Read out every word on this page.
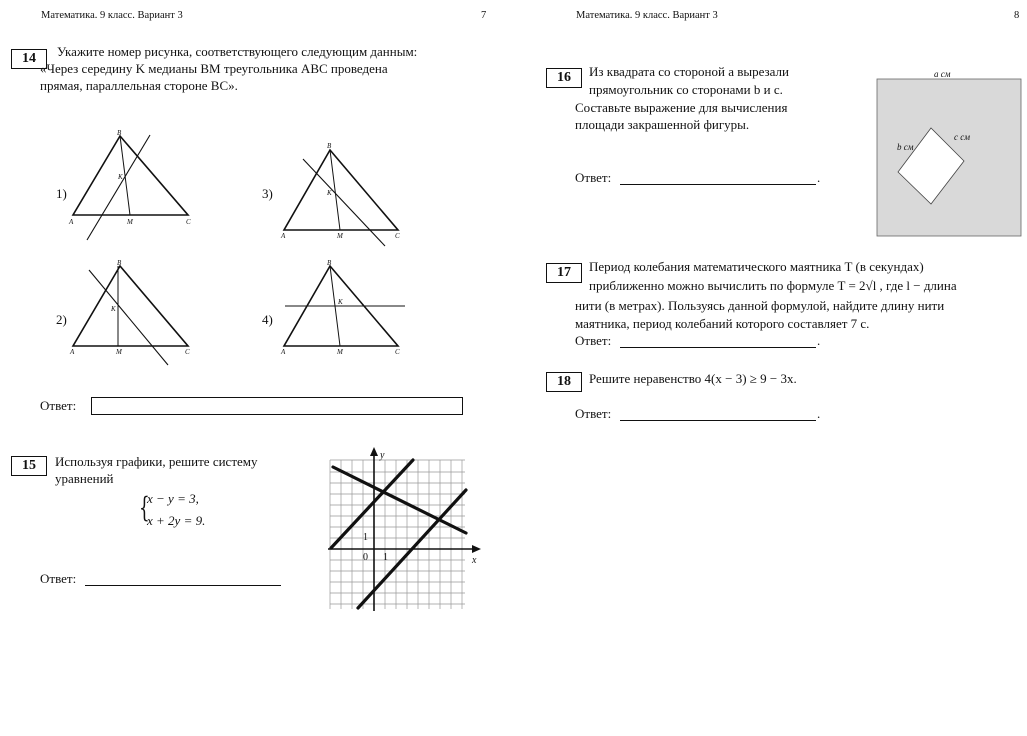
Математика. 9 класс. Вариант 3	7
14	Укажите номер рисунка, соответствующего следующим данным:
«Через середину K медианы BM треугольника ABC проведена
прямая, параллельная стороне BC».
1)
2)
3)
4)
B
A	C
M
K
B
A	C
M
K
B
A	C
M
K
B
A	C
M
K
Ответ:
15	Используя графики, решите систему
уравнений
{
x − y = 3,
x + 2y = 9.
Ответ:
y
x
0 1
1
Математика. 9 класс. Вариант 3	8
16	Из квадрата со стороной a вырезали
прямоугольник со сторонами b и c.
Составьте выражение для вычисления
площади закрашенной фигуры.
Ответ:	.
a см
b см
c см
17	Период колебания математического маятника T (в секундах)
приближенно можно вычислить по формуле T = 2√l , где l − длина
нити (в метрах). Пользуясь данной формулой, найдите длину нити
маятника, период колебаний которого составляет 7 с.
Ответ:	.
18	Решите неравенство 4(x − 3) ≥ 9 − 3x.
Ответ:	.
